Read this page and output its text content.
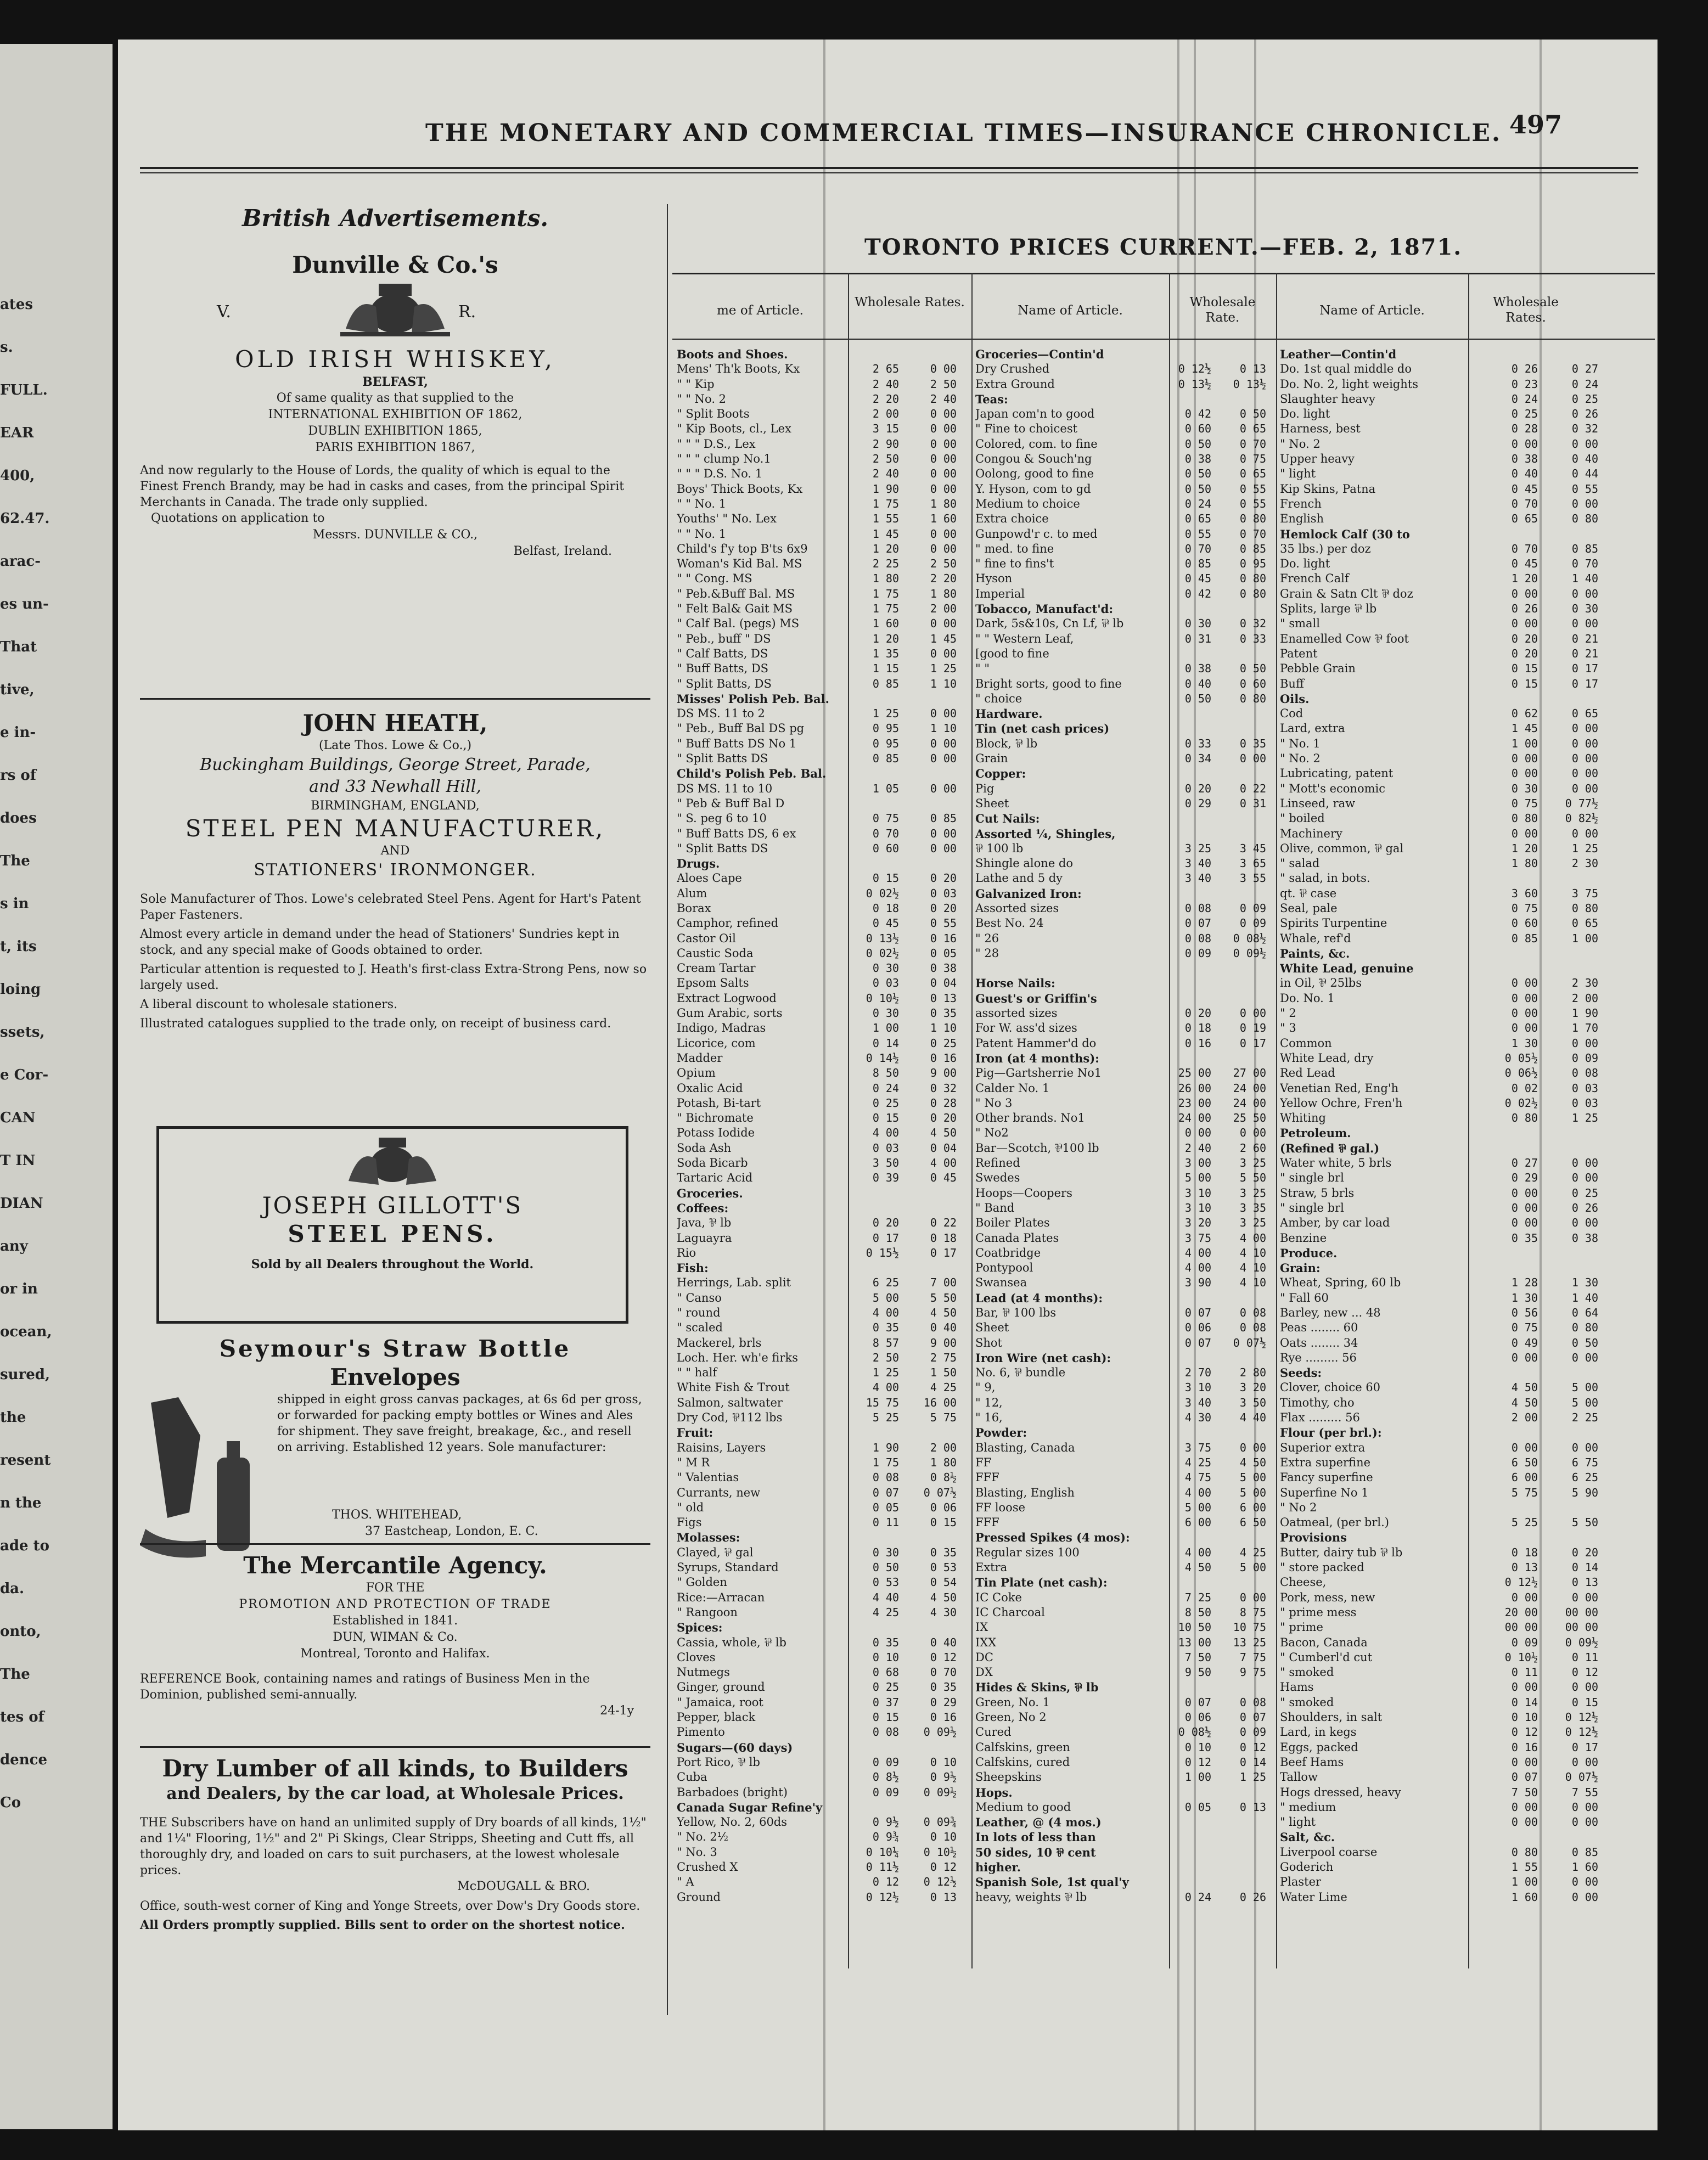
ates
s.
FULL.
EAR
400,
62.47.
arac-
es un-
That
tive,
e in-
rs of
does
The
s in
t, its
loing
ssets,
e Cor-
CAN
T IN
DIAN
any
or in
ocean,
sured,
the
resent
n the
ade to
da.
onto,
The
tes of
dence
Co
THE MONETARY AND COMMERCIAL TIMES—INSURANCE CHRONICLE. 497
British Advertisements.
Dunville & Co.'s
V.	R.
OLD IRISH WHISKEY,
BELFAST,
Of same quality as that supplied to the
INTERNATIONAL EXHIBITION OF 1862,
DUBLIN EXHIBITION 1865,
PARIS EXHIBITION 1867,
And now regularly to the House of Lords, the quality of which is equal to the Finest French Brandy, may be had in casks and cases, from the principal Spirit Merchants in Canada. The trade only supplied.
Quotations on application to
Messrs. DUNVILLE & CO.,
Belfast, Ireland.
JOHN HEATH,
(Late Thos. Lowe & Co.,)
Buckingham Buildings, George Street, Parade,
and 33 Newhall Hill,
BIRMINGHAM, ENGLAND,
STEEL PEN MANUFACTURER,
AND
STATIONERS' IRONMONGER.
Sole Manufacturer of Thos. Lowe's celebrated Steel Pens. Agent for Hart's Patent Paper Fasteners.
Almost every article in demand under the head of Stationers' Sundries kept in stock, and any special make of Goods obtained to order.
Particular attention is requested to J. Heath's first-class Extra-Strong Pens, now so largely used.
A liberal discount to wholesale stationers.
Illustrated catalogues supplied to the trade only, on receipt of business card.
JOSEPH GILLOTT'S
STEEL PENS.
Sold by all Dealers throughout the World.
Seymour's Straw Bottle
Envelopes
shipped in eight gross canvas packages, at 6s 6d per gross, or forwarded for packing empty bottles or Wines and Ales for shipment. They save freight, breakage, &c., and resell on arriving. Established 12 years. Sole manufacturer:
THOS. WHITEHEAD,
37 Eastcheap, London, E. C.
The Mercantile Agency.
FOR THE
PROMOTION AND PROTECTION OF TRADE
Established in 1841.
DUN, WIMAN & Co.
Montreal, Toronto and Halifax.
REFERENCE Book, containing names and ratings of Business Men in the Dominion, published semi-annually.
24-1y
Dry Lumber of all kinds, to Builders
and Dealers, by the car load, at Wholesale Prices.
THE Subscribers have on hand an unlimited supply of Dry boards of all kinds, 1½" and 1¼" Flooring, 1½" and 2" Pi Skings, Clear Stripps, Sheeting and Cutt ffs, all thoroughly dry, and loaded on cars to suit purchasers, at the lowest wholesale prices.
McDOUGALL & BRO.
Office, south-west corner of King and Yonge Streets, over Dow's Dry Goods store.
All Orders promptly supplied. Bills sent to order on the shortest notice.
TORONTO PRICES CURRENT.—FEB. 2, 1871.
me of Article.
Wholesale Rates.
Name of Article.
Wholesale Rate.	Name of Article.
Wholesale Rates.
Boots and Shoes.
Mens' Th'k Boots, Kx	2 65	0 00
" " Kip	2 40	2 50
" " No. 2	2 20	2 40
" Split Boots	2 00	0 00
" Kip Boots, cl., Lex	3 15	0 00
" " " D.S., Lex	2 90	0 00
" " " clump No.1	2 50	0 00
" " " D.S. No. 1	2 40	0 00
Boys' Thick Boots, Kx	1 90	0 00
" " No. 1	1 75	1 80
Youths' " No. Lex	1 55	1 60
" " No. 1	1 45	0 00
Child's f'y top B'ts 6x9	1 20	0 00
Woman's Kid Bal. MS	2 25	2 50
" " Cong. MS	1 80	2 20
" Peb.&Buff Bal. MS	1 75	1 80
" Felt Bal& Gait MS	1 75	2 00
" Calf Bal. (pegs) MS	1 60	0 00
" Peb., buff " DS	1 20	1 45
" Calf Batts, DS	1 35	0 00
" Buff Batts, DS	1 15	1 25
" Split Batts, DS	0 85	1 10
Misses' Polish Peb. Bal.
DS MS. 11 to 2	1 25	0 00
" Peb., Buff Bal DS pg	0 95	1 10
" Buff Batts DS No 1	0 95	0 00
" Split Batts DS	0 85	0 00
Child's Polish Peb. Bal.
DS MS. 11 to 10	1 05	0 00
" Peb & Buff Bal D
" S. peg 6 to 10	0 75	0 85
" Buff Batts DS, 6 ex	0 70	0 00
" Split Batts DS	0 60	0 00
Drugs.
Aloes Cape	0 15	0 20
Alum	0 02½	0 03
Borax	0 18	0 20
Camphor, refined	0 45	0 55
Castor Oil	0 13½	0 16
Caustic Soda	0 02½	0 05
Cream Tartar	0 30	0 38
Epsom Salts	0 03	0 04
Extract Logwood	0 10½	0 13
Gum Arabic, sorts	0 30	0 35
Indigo, Madras	1 00	1 10
Licorice, com	0 14	0 25
Madder	0 14½	0 16
Opium	8 50	9 00
Oxalic Acid	0 24	0 32
Potash, Bi-tart	0 25	0 28
" Bichromate	0 15	0 20
Potass Iodide	4 00	4 50
Soda Ash	0 03	0 04
Soda Bicarb	3 50	4 00
Tartaric Acid	0 39	0 45
Groceries.
Coffees:
Java, ⅌ lb	0 20	0 22
Laguayra	0 17	0 18
Rio	0 15½	0 17
Fish:
Herrings, Lab. split	6 25	7 00
" Canso	5 00	5 50
" round	4 00	4 50
" scaled	0 35	0 40
Mackerel, brls	8 57	9 00
Loch. Her. wh'e firks	2 50	2 75
" " half	1 25	1 50
White Fish & Trout	4 00	4 25
Salmon, saltwater	15 75	16 00
Dry Cod, ⅌112 lbs	5 25	5 75
Fruit:
Raisins, Layers	1 90	2 00
" M R	1 75	1 80
" Valentias	0 08	0 8½
Currants, new	0 07	0 07½
" old	0 05	0 06
Figs	0 11	0 15
Molasses:
Clayed, ⅌ gal	0 30	0 35
Syrups, Standard	0 50	0 53
" Golden	0 53	0 54
Rice:—Arracan	4 40	4 50
" Rangoon	4 25	4 30
Spices:
Cassia, whole, ⅌ lb	0 35	0 40
Cloves	0 10	0 12
Nutmegs	0 68	0 70
Ginger, ground	0 25	0 35
" Jamaica, root	0 37	0 29
Pepper, black	0 15	0 16
Pimento	0 08	0 09½
Sugars—(60 days)
Port Rico, ⅌ lb	0 09	0 10
Cuba	0 8½	0 9½
Barbadoes (bright)	0 09	0 09½
Canada Sugar Refine'y
Yellow, No. 2, 60ds	0 9½	0 09¾
" No. 2½	0 9¾	0 10
" No. 3	0 10¼	0 10½
Crushed X	0 11½	0 12
" A	0 12	0 12½
Ground	0 12½	0 13
Groceries—Contin'd
Dry Crushed	0 12½	0 13
Extra Ground	0 13½	0 13½
Teas:
Japan com'n to good	0 42	0 50
" Fine to choicest	0 60	0 65
Colored, com. to fine	0 50	0 70
Congou & Souch'ng	0 38	0 75
Oolong, good to fine	0 50	0 65
Y. Hyson, com to gd	0 50	0 55
Medium to choice	0 24	0 55
Extra choice	0 65	0 80
Gunpowd'r c. to med	0 55	0 70
" med. to fine	0 70	0 85
" fine to fins't	0 85	0 95
Hyson	0 45	0 80
Imperial	0 42	0 80
Tobacco, Manufact'd:
Dark, 5s&10s, Cn Lf, ⅌ lb	0 30	0 32
" " Western Leaf,	0 31	0 33
[good to fine
" "	0 38	0 50
Bright sorts, good to fine	0 40	0 60
" choice	0 50	0 80
Hardware.
Tin (net cash prices)
Block, ⅌ lb	0 33	0 35
Grain	0 34	0 00
Copper:
Pig	0 20	0 22
Sheet	0 29	0 31
Cut Nails:
Assorted ¼, Shingles,
⅌ 100 lb	3 25	3 45
Shingle alone do	3 40	3 65
Lathe and 5 dy	3 40	3 55
Galvanized Iron:
Assorted sizes	0 08	0 09
Best No. 24	0 07	0 09
" 26	0 08	0 08½
" 28	0 09	0 09½
Horse Nails:
Guest's or Griffin's
assorted sizes	0 20	0 00
For W. ass'd sizes	0 18	0 19
Patent Hammer'd do	0 16	0 17
Iron (at 4 months):
Pig—Gartsherrie No1	25 00	27 00
Calder No. 1	26 00	24 00
" No 3	23 00	24 00
Other brands. No1	24 00	25 50
" No2	0 00	0 00
Bar—Scotch, ⅌100 lb	2 40	2 60
Refined	3 00	3 25
Swedes	5 00	5 50
Hoops—Coopers	3 10	3 25
" Band	3 10	3 35
Boiler Plates	3 20	3 25
Canada Plates	3 75	4 00
Coatbridge	4 00	4 10
Pontypool	4 00	4 10
Swansea	3 90	4 10
Lead (at 4 months):
Bar, ⅌ 100 lbs	0 07	0 08
Sheet	0 06	0 08
Shot	0 07	0 07½
Iron Wire (net cash):
No. 6, ⅌ bundle	2 70	2 80
" 9,	3 10	3 20
" 12,	3 40	3 50
" 16,	4 30	4 40
Powder:
Blasting, Canada	3 75	0 00
FF	4 25	4 50
FFF	4 75	5 00
Blasting, English	4 00	5 00
FF loose	5 00	6 00
FFF	6 00	6 50
Pressed Spikes (4 mos):
Regular sizes 100	4 00	4 25
Extra	4 50	5 00
Tin Plate (net cash):
IC Coke	7 25	0 00
IC Charcoal	8 50	8 75
IX	10 50	10 75
IXX	13 00	13 25
DC	7 50	7 75
DX	9 50	9 75
Hides & Skins, ⅌ lb
Green, No. 1	0 07	0 08
Green, No 2	0 06	0 07
Cured	0 08½	0 09
Calfskins, green	0 10	0 12
Calfskins, cured	0 12	0 14
Sheepskins	1 00	1 25
Hops.
Medium to good	0 05	0 13
Leather, @ (4 mos.)
In lots of less than
50 sides, 10 ⅌ cent
higher.
Spanish Sole, 1st qual'y
heavy, weights ⅌ lb	0 24	0 26
Leather—Contin'd
Do. 1st qual middle do	0 26	0 27
Do. No. 2, light weights	0 23	0 24
Slaughter heavy	0 24	0 25
Do. light	0 25	0 26
Harness, best	0 28	0 32
" No. 2	0 00	0 00
Upper heavy	0 38	0 40
" light	0 40	0 44
Kip Skins, Patna	0 45	0 55
French	0 70	0 00
English	0 65	0 80
Hemlock Calf (30 to
35 lbs.) per doz	0 70	0 85
Do. light	0 45	0 70
French Calf	1 20	1 40
Grain & Satn Clt ⅌ doz	0 00	0 00
Splits, large ⅌ lb	0 26	0 30
" small	0 00	0 00
Enamelled Cow ⅌ foot	0 20	0 21
Patent	0 20	0 21
Pebble Grain	0 15	0 17
Buff	0 15	0 17
Oils.
Cod	0 62	0 65
Lard, extra	1 45	0 00
" No. 1	1 00	0 00
" No. 2	0 00	0 00
Lubricating, patent	0 00	0 00
" Mott's economic	0 30	0 00
Linseed, raw	0 75	0 77½
" boiled	0 80	0 82½
Machinery	0 00	0 00
Olive, common, ⅌ gal	1 20	1 25
" salad	1 80	2 30
" salad, in bots.
qt. ⅌ case	3 60	3 75
Seal, pale	0 75	0 80
Spirits Turpentine	0 60	0 65
Whale, ref'd	0 85	1 00
Paints, &c.
White Lead, genuine
in Oil, ⅌ 25lbs	0 00	2 30
Do. No. 1	0 00	2 00
" 2	0 00	1 90
" 3	0 00	1 70
Common	1 30	0 00
White Lead, dry	0 05½	0 09
Red Lead	0 06½	0 08
Venetian Red, Eng'h	0 02	0 03
Yellow Ochre, Fren'h	0 02½	0 03
Whiting	0 80	1 25
Petroleum.
(Refined ⅌ gal.)
Water white, 5 brls	0 27	0 00
" single brl	0 29	0 00
Straw, 5 brls	0 00	0 25
" single brl	0 00	0 26
Amber, by car load	0 00	0 00
Benzine	0 35	0 38
Produce.
Grain:
Wheat, Spring, 60 lb	1 28	1 30
" Fall 60	1 30	1 40
Barley, new ... 48	0 56	0 64
Peas ........ 60	0 75	0 80
Oats ........ 34	0 49	0 50
Rye ......... 56	0 00	0 00
Seeds:
Clover, choice 60	4 50	5 00
Timothy, cho	4 50	5 00
Flax ......... 56	2 00	2 25
Flour (per brl.):
Superior extra	0 00	0 00
Extra superfine	6 50	6 75
Fancy superfine	6 00	6 25
Superfine No 1	5 75	5 90
" No 2
Oatmeal, (per brl.)	5 25	5 50
Provisions
Butter, dairy tub ⅌ lb	0 18	0 20
" store packed	0 13	0 14
Cheese,	0 12½	0 13
Pork, mess, new	0 00	0 00
" prime mess	20 00	00 00
" prime	00 00	00 00
Bacon, Canada	0 09	0 09½
" Cumberl'd cut	0 10½	0 11
" smoked	0 11	0 12
Hams	0 00	0 00
" smoked	0 14	0 15
Shoulders, in salt	0 10	0 12½
Lard, in kegs	0 12	0 12½
Eggs, packed	0 16	0 17
Beef Hams	0 00	0 00
Tallow	0 07	0 07½
Hogs dressed, heavy	7 50	7 55
" medium	0 00	0 00
" light	0 00	0 00
Salt, &c.
Liverpool coarse	0 80	0 85
Goderich	1 55	1 60
Plaster	1 00	0 00
Water Lime	1 60	0 00
